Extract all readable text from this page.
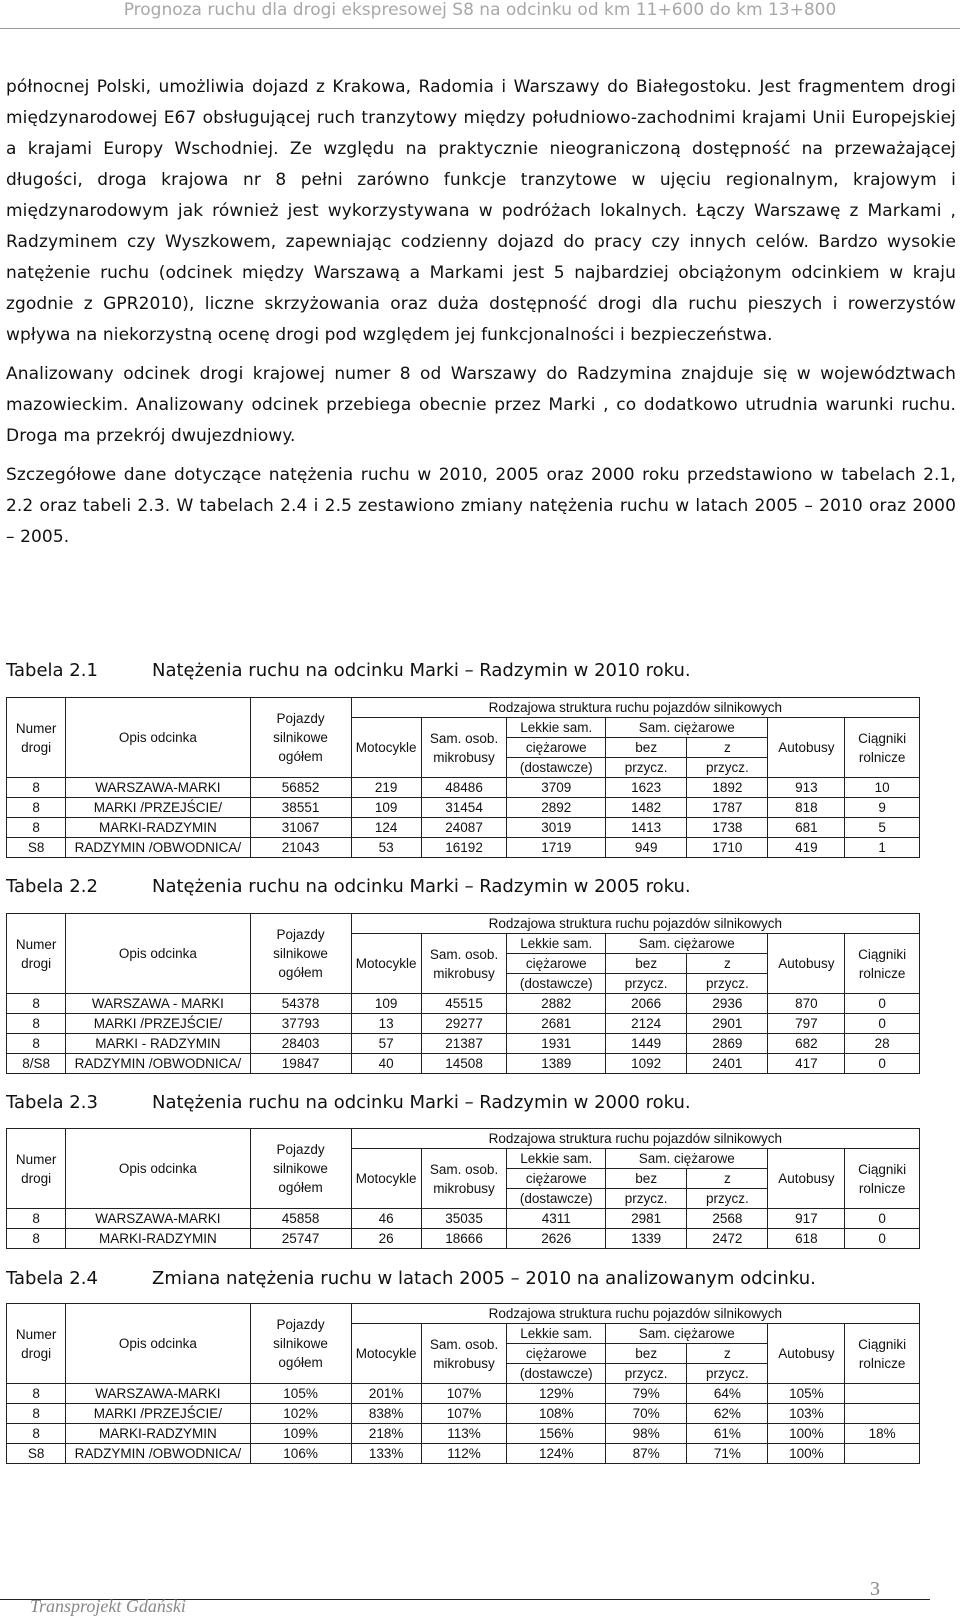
Prognoza ruchu dla drogi ekspresowej S8 na odcinku od km 11+600 do km 13+800

północnej Polski, umożliwia dojazd z Krakowa, Radomia i Warszawy do Białegostoku. Jest fragmentem drogi międzynarodowej E67 obsługującej ruch tranzytowy między południowo-zachodnimi krajami Unii Europejskiej a krajami Europy Wschodniej. Ze względu na praktycznie nieograniczoną dostępność na przeważającej długości, droga krajowa nr 8 pełni zarówno funkcje tranzytowe w ujęciu regionalnym, krajowym i międzynarodowym jak również jest wykorzystywana w podróżach lokalnych. Łączy Warszawę z Markami , Radzyminem czy Wyszkowem, zapewniając codzienny dojazd do pracy czy innych celów. Bardzo wysokie natężenie ruchu (odcinek między Warszawą a Markami jest 5 najbardziej obciążonym odcinkiem w kraju zgodnie z GPR2010), liczne skrzyżowania oraz duża dostępność drogi dla ruchu pieszych i rowerzystów wpływa na niekorzystną ocenę drogi pod względem jej funkcjonalności i bezpieczeństwa.

Analizowany odcinek drogi krajowej numer 8 od Warszawy do Radzymina znajduje się w województwach mazowieckim. Analizowany odcinek przebiega obecnie przez Marki , co dodatkowo utrudnia warunki ruchu. Droga ma przekrój dwujezdniowy.

Szczegółowe dane dotyczące natężenia ruchu w 2010, 2005 oraz 2000 roku przedstawiono w tabelach 2.1, 2.2 oraz tabeli 2.3. W tabelach 2.4 i 2.5 zestawiono zmiany natężenia ruchu w latach 2005 – 2010 oraz 2000 – 2005.

Tabela 2.1	Natężenia ruchu na odcinku Marki – Radzymin w 2010 roku.
Numer
drogi	Opis odcinka	Pojazdy
silnikowe
ogółem	Rodzajowa struktura ruchu pojazdów silnikowych						

			Motocykle	Sam. osob.
mikrobusy	Lekkie sam.	Sam. ciężarowe		Autobusy	Ciągniki
rolnicze

					ciężarowe	bez	z		
					(dostawcze)	przycz.	przycz.		
8	WARSZAWA-MARKI	56852	219	48486	3709	1623	1892	913	10
8	MARKI /PRZEJŚCIE/	38551	109	31454	2892	1482	1787	818	9
8	MARKI-RADZYMIN	31067	124	24087	3019	1413	1738	681	5
S8	RADZYMIN /OBWODNICA/	21043	53	16192	1719	949	1710	419	1
Tabela 2.2	Natężenia ruchu na odcinku Marki – Radzymin w 2005 roku.
Numer
drogi	Opis odcinka	Pojazdy
silnikowe
ogółem	Rodzajowa struktura ruchu pojazdów silnikowych						

			Motocykle	Sam. osob.
mikrobusy	Lekkie sam.	Sam. ciężarowe		Autobusy	Ciągniki
rolnicze

					ciężarowe	bez	z		
					(dostawcze)	przycz.	przycz.		
8	WARSZAWA - MARKI	54378	109	45515	2882	2066	2936	870	0
8	MARKI /PRZEJŚCIE/	37793	13	29277	2681	2124	2901	797	0
8	MARKI - RADZYMIN	28403	57	21387	1931	1449	2869	682	28
8/S8	RADZYMIN /OBWODNICA/	19847	40	14508	1389	1092	2401	417	0
Tabela 2.3	Natężenia ruchu na odcinku Marki – Radzymin w 2000 roku.
Numer
drogi	Opis odcinka	Pojazdy
silnikowe
ogółem	Rodzajowa struktura ruchu pojazdów silnikowych						

			Motocykle	Sam. osob.
mikrobusy	Lekkie sam.	Sam. ciężarowe		Autobusy	Ciągniki
rolnicze

					ciężarowe	bez	z		
					(dostawcze)	przycz.	przycz.		
8	WARSZAWA-MARKI	45858	46	35035	4311	2981	2568	917	0
8	MARKI-RADZYMIN	25747	26	18666	2626	1339	2472	618	0
Tabela 2.4	Zmiana natężenia ruchu w latach 2005 – 2010 na analizowanym odcinku.
Numer
drogi	Opis odcinka	Pojazdy
silnikowe
ogółem	Rodzajowa struktura ruchu pojazdów silnikowych						

			Motocykle	Sam. osob.
mikrobusy	Lekkie sam.	Sam. ciężarowe		Autobusy	Ciągniki
rolnicze

					ciężarowe	bez	z		
					(dostawcze)	przycz.	przycz.		
8	WARSZAWA-MARKI	105%	201%	107%	129%	79%	64%	105%	
8	MARKI /PRZEJŚCIE/	102%	838%	107%	108%	70%	62%	103%	
8	MARKI-RADZYMIN	109%	218%	113%	156%	98%	61%	100%	18%
S8	RADZYMIN /OBWODNICA/	106%	133%	112%	124%	87%	71%	100%	
Transprojekt Gdański
3
